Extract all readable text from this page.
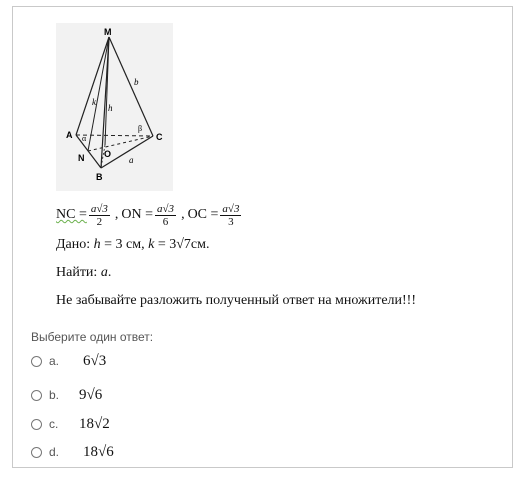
M
A
B
C
N O
h
k
b
a
α
β
NC = $\frac{a√3}{2}$ , ON = $\frac{a√3}{6}$ , OC = $\frac{a√3}{3}$
Дано: h = 3 см, k = 3√7см.
Найти: a.
Не забывайте разложить полученный ответ на множители!!!
Выберите один ответ:
a.	6√3
b.	9√6
c.	18√2
d.	18√6
